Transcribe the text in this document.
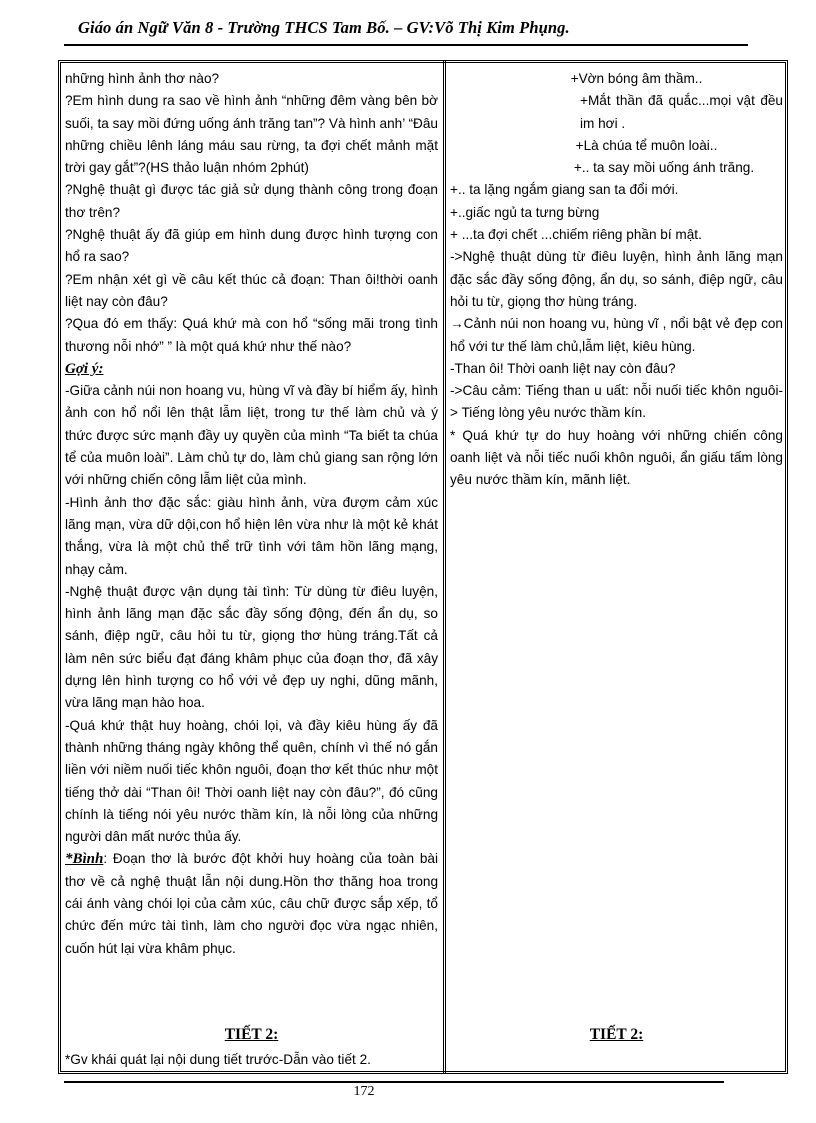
Giáo án Ngữ Văn 8 - Trường THCS Tam Bố. – GV:Võ Thị Kim Phụng.

những hình ảnh thơ nào?

?Em hình dung ra sao về hình ảnh “những đêm vàng bên bờ suối, ta say mồi đứng uống ánh trăng tan”? Và hình anh’ “Đâu những chiều lênh láng máu sau rừng, ta đợi chết mảnh mặt trời gay gắt”?(HS thảo luận nhóm 2phút)

?Nghệ thuật gì được tác giả sử dụng thành công trong đoạn thơ trên?

?Nghệ thuật ấy đã giúp em hình dung được hình tượng con hổ ra sao?

?Em nhận xét gì về câu kết thúc cả đoạn: Than ôi!thời oanh liệt nay còn đâu?

?Qua đó em thấy: Quá khứ mà con hổ “sống mãi trong tình thương nỗi nhớ” ” là một quá khứ như thế nào?

Gợi ý:

-Giữa cảnh núi non hoang vu, hùng vĩ và đầy bí hiểm ấy, hình ảnh con hổ nổi lên thật lẫm liệt, trong tư thế làm chủ và ý thức được sức mạnh đầy uy quyền của mình “Ta biết ta chúa tể của muôn loài”. Làm chủ tự do, làm chủ giang san rộng lớn với những chiến công lẫm liệt của mình.

-Hình ảnh thơ đặc sắc: giàu hình ảnh, vừa đượm cảm xúc lãng mạn, vừa dữ dội,con hổ hiện lên vừa như là một kẻ khát thắng, vừa là một chủ thể trữ tình với tâm hồn lãng mạng, nhạy cảm.

-Nghệ thuật được vận dụng tài tình: Từ dùng từ điêu luyện, hình ảnh lãng mạn đặc sắc đầy sống động, đến ẩn dụ, so sánh, điệp ngữ, câu hỏi tu từ, giọng thơ hùng tráng.Tất cả làm nên sức biểu đạt đáng khâm phục của đoạn thơ, đã xây dựng lên hình tượng co hổ với vẻ đẹp uy nghi, dũng mãnh, vừa lãng mạn hào hoa.

-Quá khứ thật huy hoàng, chói lọi, và đầy kiêu hùng ấy đã thành những tháng ngày không thể quên, chính vì thế nó gắn liền với niềm nuối tiếc khôn nguôi, đoạn thơ kết thúc như một tiếng thở dài “Than ôi! Thời oanh liệt nay còn đâu?”, đó cũng chính là tiếng nói yêu nước thầm kín, là nỗi lòng của những người dân mất nước thủa ấy.

*Bình: Đoạn thơ là bước đột khởi huy hoàng của toàn bài thơ về cả nghệ thuật lẫn nội dung.Hồn thơ thăng hoa trong cái ánh vàng chói lọi của cảm xúc, câu chữ được sắp xếp, tổ chức đến mức tài tình, làm cho người đọc vừa ngạc nhiên, cuốn hút lại vừa khâm phục.

TIẾT 2:
*Gv khái quát lại nội dung tiết trước-Dẫn vào tiết 2.

+Vờn bóng âm thầm..

+Mắt thần đã quắc...mọi vật đều im hơi .

+Là chúa tể muôn loài..

+.. ta say mồi uống ánh trăng.

+.. ta lặng ngắm giang san ta đổi mới.

+..giấc ngủ ta tưng bừng

+ ...ta đợi chết ...chiếm riêng phần bí mật.

->Nghệ thuật dùng từ điêu luyện, hình ảnh lãng mạn đặc sắc đầy sống động, ẩn dụ, so sánh, điệp ngữ, câu hỏi tu từ, giọng thơ hùng tráng.

→Cảnh núi non hoang vu, hùng vĩ , nổi bật vẻ đẹp con hổ với tư thế làm chủ,lẫm liệt, kiêu hùng.

-Than ôi! Thời oanh liệt nay còn đâu?

->Câu cảm: Tiếng than u uất: nỗi nuối tiếc khôn nguôi-> Tiếng lòng yêu nước thầm kín.

* Quá khứ tự do huy hoàng với những chiến công oanh liệt và nỗi tiếc nuối khôn nguôi, ẩn giấu tấm lòng yêu nước thầm kín, mãnh liệt.

TIẾT 2:
172
